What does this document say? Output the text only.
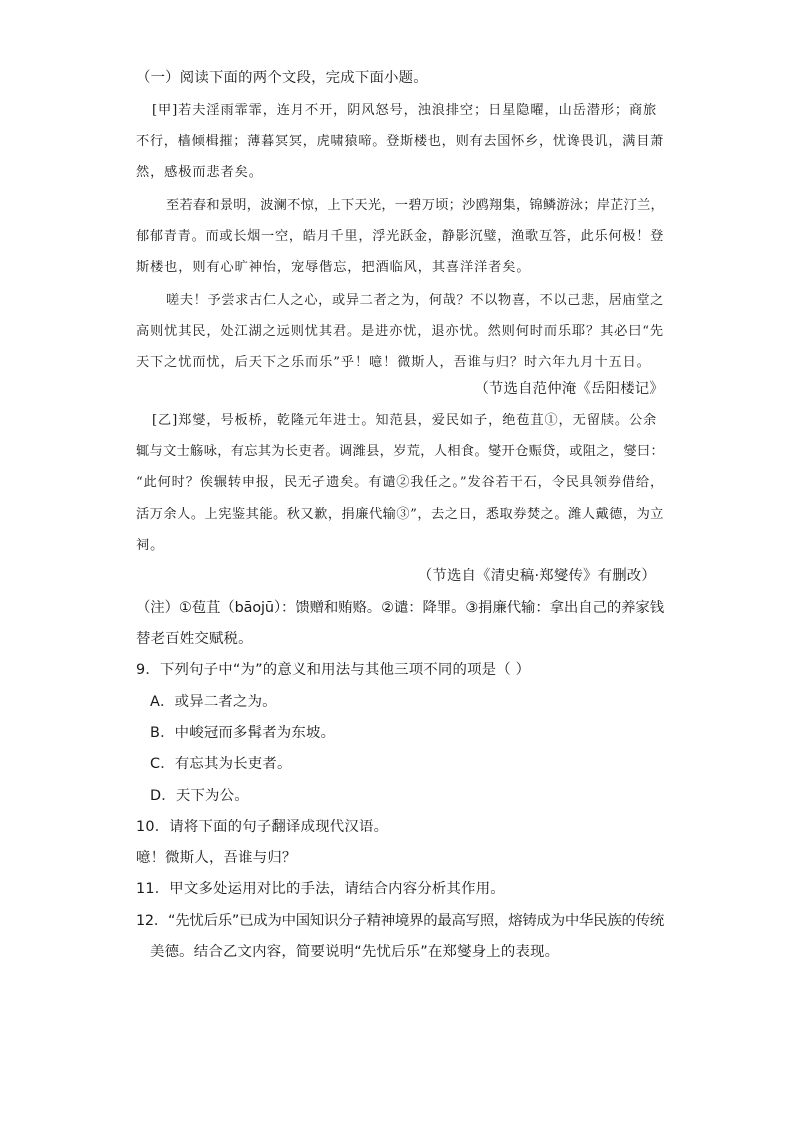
（一）阅读下面的两个文段，完成下面小题。
[甲]若夫淫雨霏霏，连月不开，阴风怒号，浊浪排空；日星隐曜，山岳潜形；商旅
不行，樯倾楫摧；薄暮冥冥，虎啸猿啼。登斯楼也，则有去国怀乡，忧谗畏讥，满目萧
然，感极而悲者矣。
至若春和景明，波澜不惊，上下天光，一碧万顷；沙鸥翔集，锦鳞游泳；岸芷汀兰，
郁郁青青。而或长烟一空，皓月千里，浮光跃金，静影沉璧，渔歌互答，此乐何极！登
斯楼也，则有心旷神怡，宠辱偕忘，把酒临风，其喜洋洋者矣。
嗟夫！予尝求古仁人之心，或异二者之为，何哉？不以物喜，不以己悲，居庙堂之
高则忧其民，处江湖之远则忧其君。是进亦忧，退亦忧。然则何时而乐耶？其必曰“先
天下之忧而忧，后天下之乐而乐”乎！噫！微斯人，吾谁与归？时六年九月十五日。
（节选自范仲淹《岳阳楼记》
[乙]郑燮，号板桥，乾隆元年进士。知范县，爱民如子，绝苞苴①，无留牍。公余
辄与文士觞咏，有忘其为长吏者。调潍县，岁荒，人相食。燮开仓赈贷，或阻之，燮曰：
“此何时？俟辗转申报，民无孑遗矣。有谴②我任之。”发谷若干石，令民具领券借给，
活万余人。上宪鉴其能。秋又歉，捐廉代输③”，去之日，悉取券焚之。潍人戴德，为立
祠。
（节选自《清史稿·郑燮传》有删改）
（注）①苞苴（bāojū）：馈赠和贿赂。②谴：降罪。③捐廉代输：拿出自己的养家钱
替老百姓交赋税。
9．下列句子中“为”的意义和用法与其他三项不同的项是（ ）
A．或异二者之为。
B．中峻冠而多髯者为东坡。
C．有忘其为长吏者。
D．天下为公。
10．请将下面的句子翻译成现代汉语。
噫！微斯人，吾谁与归？
11．甲文多处运用对比的手法，请结合内容分析其作用。
12．“先忧后乐”已成为中国知识分子精神境界的最高写照，熔铸成为中华民族的传统
美德。结合乙文内容，简要说明“先忧后乐”在郑燮身上的表现。
